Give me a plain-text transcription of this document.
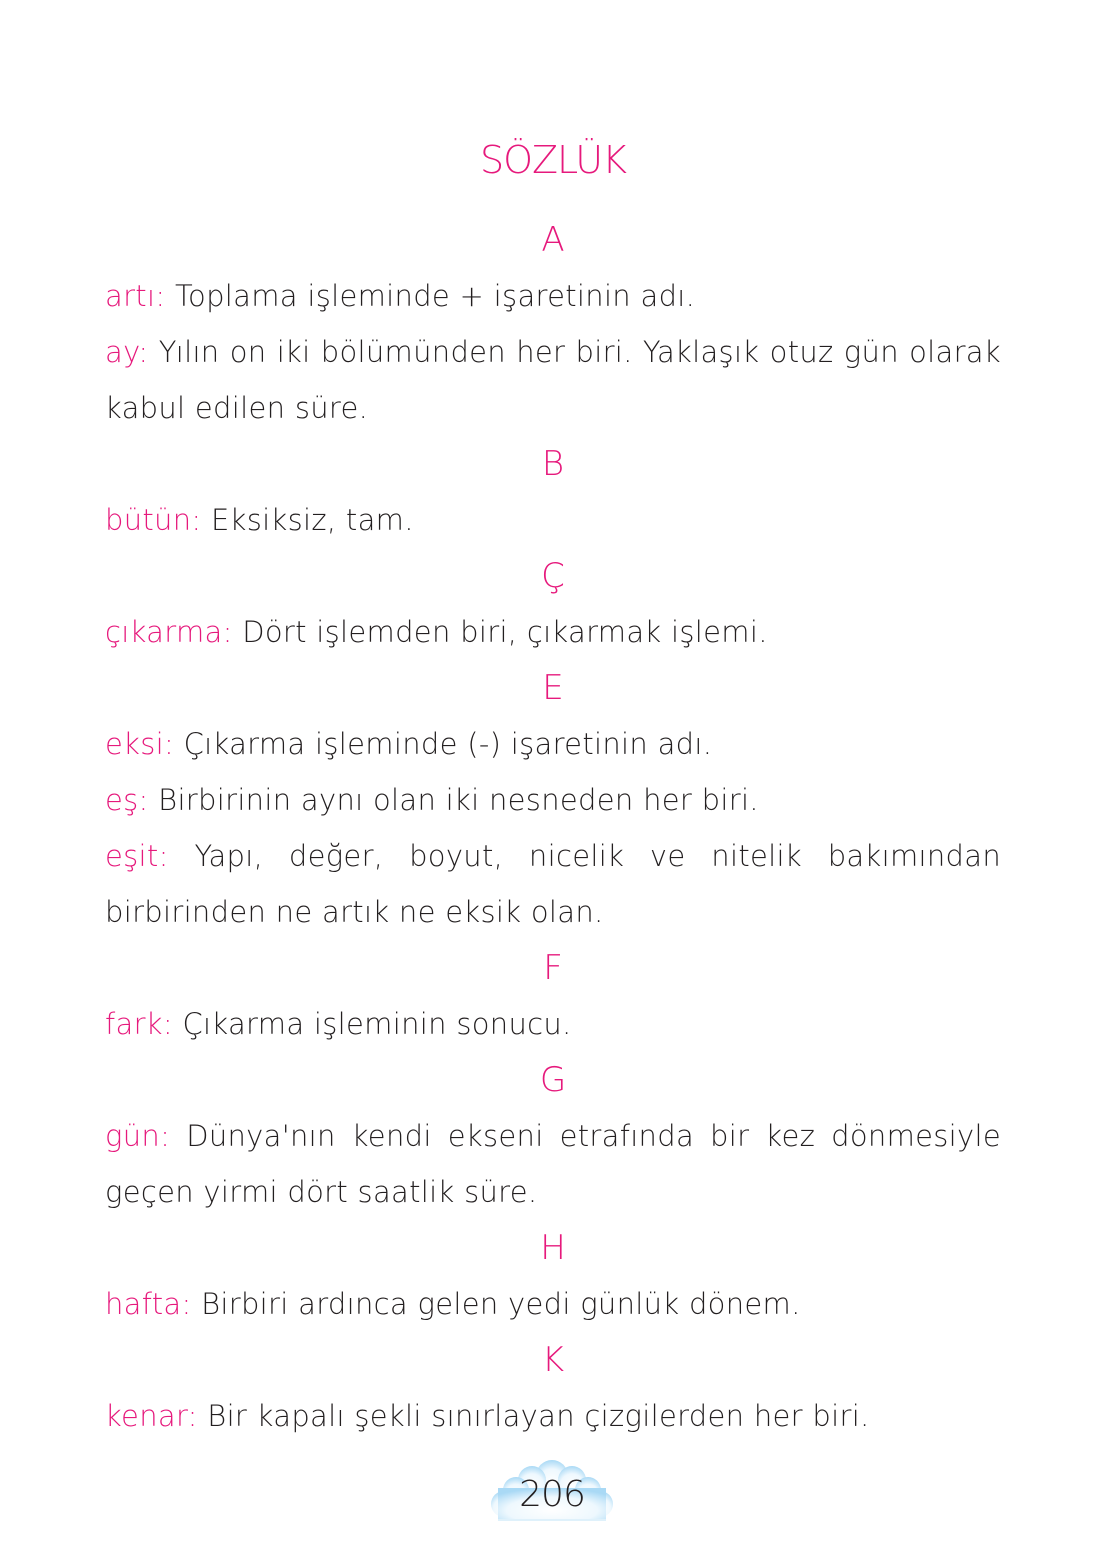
SÖZLÜK
A
artı: Toplama işleminde + işaretinin adı.
ay: Yılın on iki bölümünden her biri. Yaklaşık otuz gün olarak kabul edilen süre.
B
bütün: Eksiksiz, tam.
Ç
çıkarma: Dört işlemden biri, çıkarmak işlemi.
E
eksi: Çıkarma işleminde (-) işaretinin adı.
eş: Birbirinin aynı olan iki nesneden her biri.
eşit: Yapı, değer, boyut, nicelik ve nitelik bakımından birbirinden ne artık ne eksik olan.
F
fark: Çıkarma işleminin sonucu.
G
gün: Dünya'nın kendi ekseni etrafında bir kez dönmesiyle geçen yirmi dört saatlik süre.
H
hafta: Birbiri ardınca gelen yedi günlük dönem.
K
kenar: Bir kapalı şekli sınırlayan çizgilerden her biri.
206
